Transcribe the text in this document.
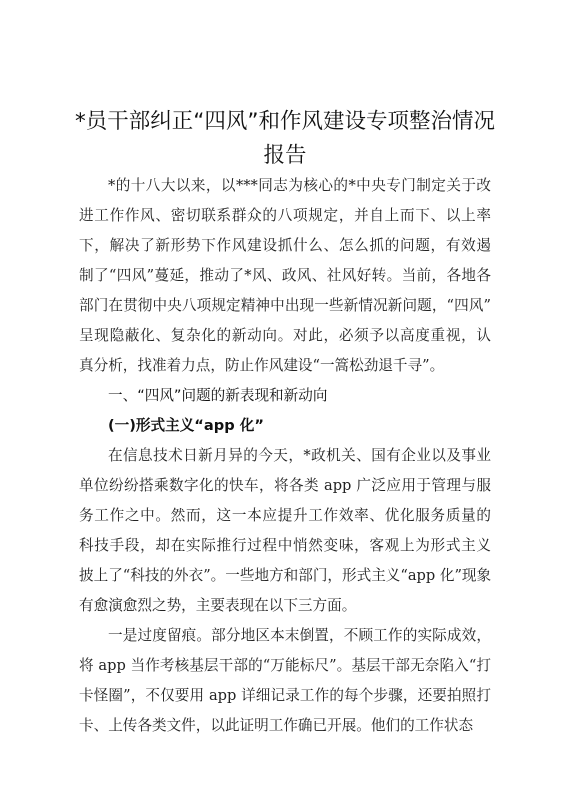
*员干部纠正“四风”和作风建设专项整治情况
报告
*的十八大以来，以***同志为核心的*中央专门制定关于改
进工作作风、密切联系群众的八项规定，并自上而下、以上率
下，解决了新形势下作风建设抓什么、怎么抓的问题，有效遏
制了“四风”蔓延，推动了*风、政风、社风好转。当前，各地各
部门在贯彻中央八项规定精神中出现一些新情况新问题，“四风”
呈现隐蔽化、复杂化的新动向。对此，必须予以高度重视，认
真分析，找准着力点，防止作风建设“一篙松劲退千寻”。
一、“四风”问题的新表现和新动向
(一)形式主义“app 化”
在信息技术日新月异的今天，*政机关、国有企业以及事业
单位纷纷搭乘数字化的快车，将各类 app 广泛应用于管理与服
务工作之中。然而，这一本应提升工作效率、优化服务质量的
科技手段，却在实际推行过程中悄然变味，客观上为形式主义
披上了“科技的外衣”。一些地方和部门，形式主义“app 化”现象
有愈演愈烈之势，主要表现在以下三方面。
一是过度留痕。部分地区本末倒置，不顾工作的实际成效，
将 app 当作考核基层干部的“万能标尺”。基层干部无奈陷入“打
卡怪圈”，不仅要用 app 详细记录工作的每个步骤，还要拍照打
卡、上传各类文件，以此证明工作确已开展。他们的工作状态
